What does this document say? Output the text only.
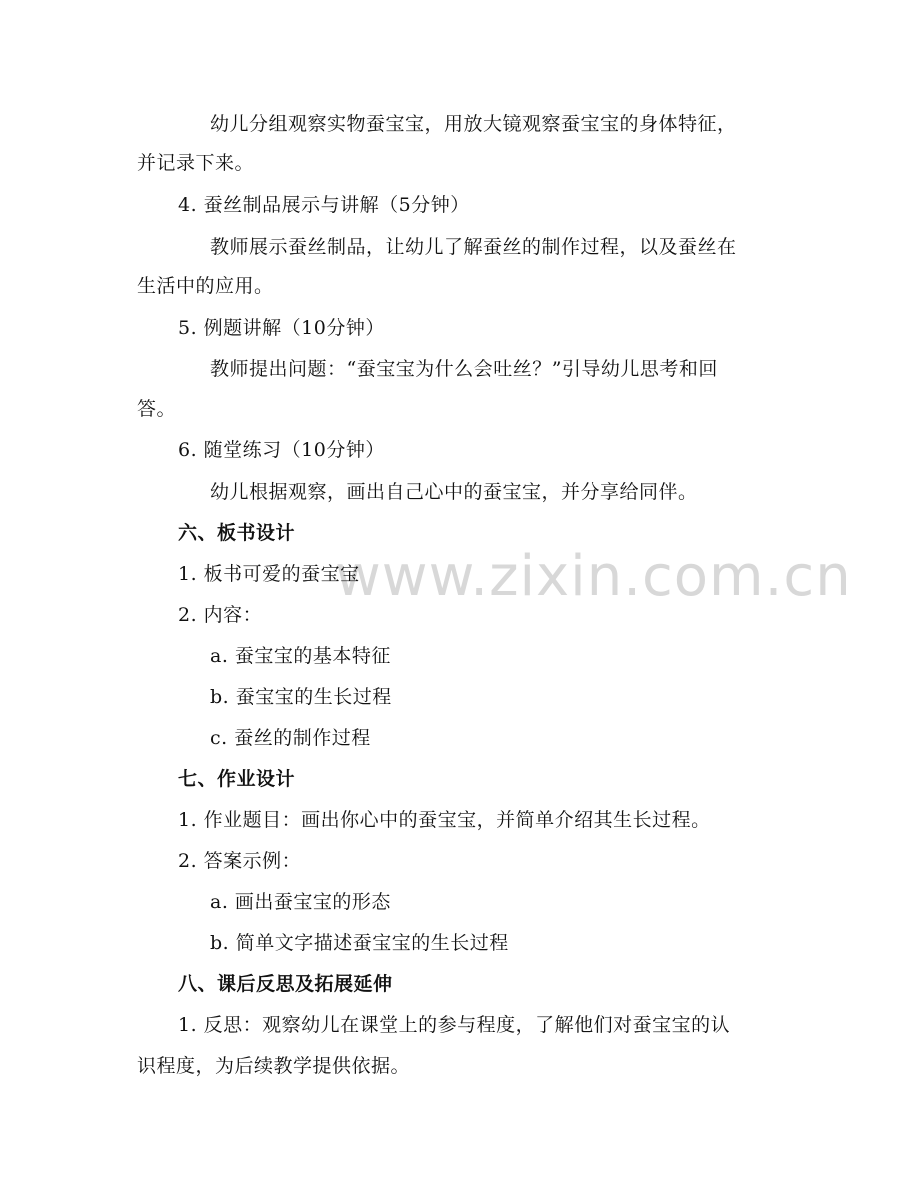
www.zixin.com.cn
幼儿分组观察实物蚕宝宝，用放大镜观察蚕宝宝的身体特征，
并记录下来。
4. 蚕丝制品展示与讲解（5分钟）
教师展示蚕丝制品，让幼儿了解蚕丝的制作过程，以及蚕丝在
生活中的应用。
5. 例题讲解（10分钟）
教师提出问题：“蚕宝宝为什么会吐丝？”引导幼儿思考和回
答。
6. 随堂练习（10分钟）
幼儿根据观察，画出自己心中的蚕宝宝，并分享给同伴。
六、板书设计
1. 板书可爱的蚕宝宝
2. 内容：
a. 蚕宝宝的基本特征
b. 蚕宝宝的生长过程
c. 蚕丝的制作过程
七、作业设计
1. 作业题目：画出你心中的蚕宝宝，并简单介绍其生长过程。
2. 答案示例：
a. 画出蚕宝宝的形态
b. 简单文字描述蚕宝宝的生长过程
八、课后反思及拓展延伸
1. 反思：观察幼儿在课堂上的参与程度，了解他们对蚕宝宝的认
识程度，为后续教学提供依据。
